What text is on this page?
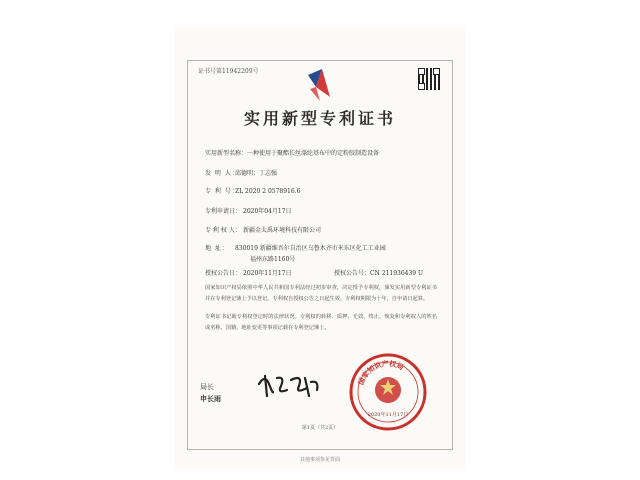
证书号第11942209号
实用新型专利证书
实用新型名称：一种使用于聚酯长丝涤纶基布中的定粉胶制造设备
发 明 人：邱德明；丁志强
专 利 号：ZL 2020 2 0578916.6
专利申请日： 2020年04月17日
专 利 权 人： 新疆金太禹环境科技有限公司
地 址： 830019 新疆维吾尔自治区乌鲁木齐市米东区化工工业园
福州东路1160号
授权公告日： 2020年11月17日	授权公告号：CN 211936439 U
国家知识产权局依照中华人民共和国专利法经过初步审查，决定授予专利权，颁发实用新型专利证书并在专利登记簿上予以登记。专利权自授权公告之日起生效。专利权期限为十年，自申请日起算。
专利证书记载专利权登记时的法律状况。专利权的转移、质押、无效、终止、恢复和专利权人的姓名或名称、国籍、地址变更等事项记载在专利登记簿上。
局长
申长雨
国家知识产权局
2020年11月17日
第1页（共2页）
其他事项参见背面
